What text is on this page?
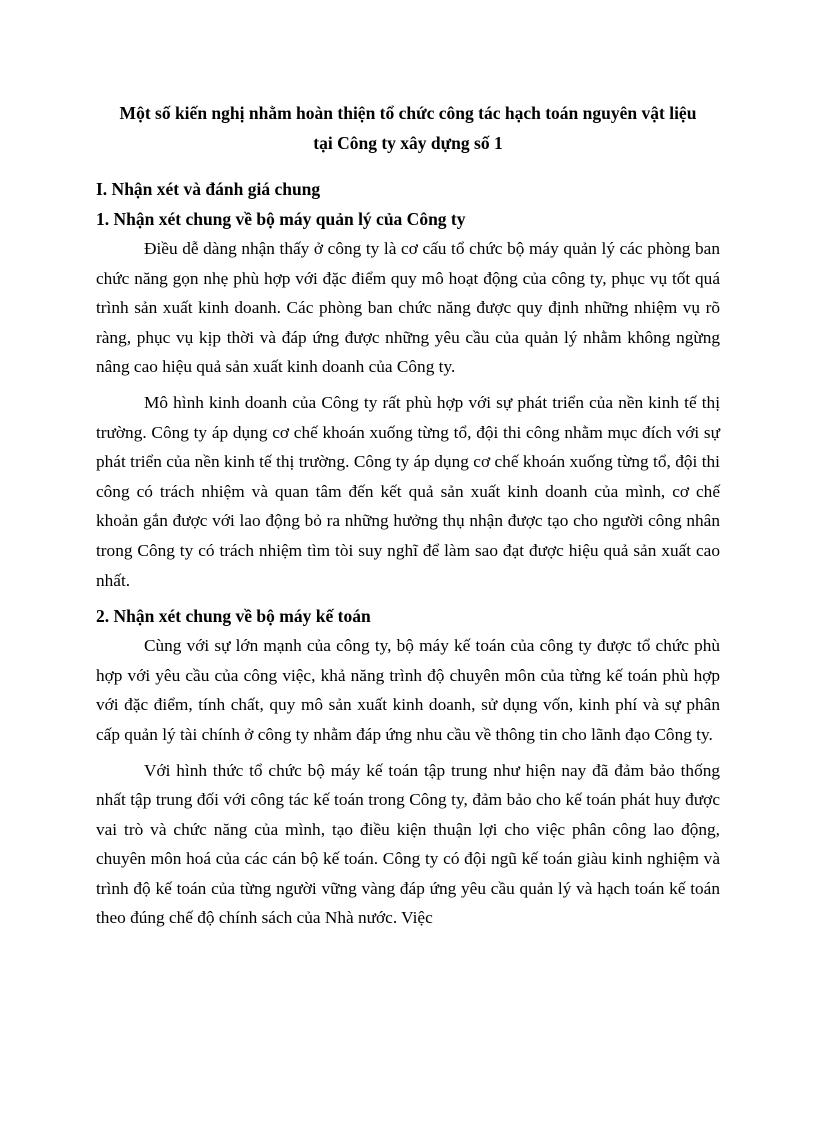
Một số kiến nghị nhằm hoàn thiện tổ chức công tác hạch toán nguyên vật liệu
tại Công ty xây dựng số 1
I. Nhận xét và đánh giá chung
1. Nhận xét chung về bộ máy quản lý của Công ty

Điều dễ dàng nhận thấy ở công ty là cơ cấu tổ chức bộ máy quản lý các phòng ban chức năng gọn nhẹ phù hợp với đặc điểm quy mô hoạt động của công ty, phục vụ tốt quá trình sản xuất kinh doanh. Các phòng ban chức năng được quy định những nhiệm vụ rõ ràng, phục vụ kịp thời và đáp ứng được những yêu cầu của quản lý nhằm không ngừng nâng cao hiệu quả sản xuất kinh doanh của Công ty.

Mô hình kinh doanh của Công ty rất phù hợp với sự phát triển của nền kinh tế thị trường. Công ty áp dụng cơ chế khoán xuống từng tổ, đội thi công nhằm mục đích với sự phát triển của nền kinh tế thị trường. Công ty áp dụng cơ chế khoán xuống từng tổ, đội thi công có trách nhiệm và quan tâm đến kết quả sản xuất kinh doanh của mình, cơ chế khoản gắn được với lao động bỏ ra những hưởng thụ nhận được tạo cho người công nhân trong Công ty có trách nhiệm tìm tòi suy nghĩ để làm sao đạt được hiệu quả sản xuất cao nhất.

2. Nhận xét chung về bộ máy kế toán

Cùng với sự lớn mạnh của công ty, bộ máy kế toán của công ty được tổ chức phù hợp với yêu cầu của công việc, khả năng trình độ chuyên môn của từng kế toán phù hợp với đặc điểm, tính chất, quy mô sản xuất kinh doanh, sử dụng vốn, kinh phí và sự phân cấp quản lý tài chính ở công ty nhằm đáp ứng nhu cầu về thông tin cho lãnh đạo Công ty.

Với hình thức tổ chức bộ máy kế toán tập trung như hiện nay đã đảm bảo thống nhất tập trung đối với công tác kế toán trong Công ty, đảm bảo cho kế toán phát huy được vai trò và chức năng của mình, tạo điều kiện thuận lợi cho việc phân công lao động, chuyên môn hoá của các cán bộ kế toán. Công ty có đội ngũ kế toán giàu kinh nghiệm và trình độ kế toán của từng người vững vàng đáp ứng yêu cầu quản lý và hạch toán kế toán theo đúng chế độ chính sách của Nhà nước. Việc
